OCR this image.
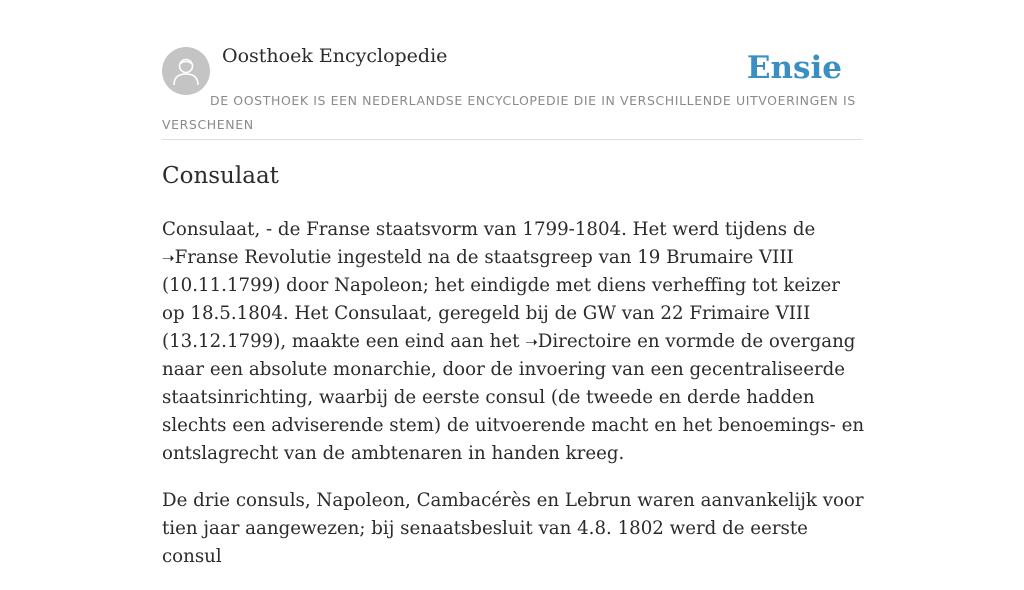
Oosthoek Encyclopedie	Ensie
DE OOSTHOEK IS EEN NEDERLANDSE ENCYCLOPEDIE DIE IN VERSCHILLENDE UITVOERINGEN IS VERSCHENEN
Consulaat

Consulaat, - de Franse staatsvorm van 1799-1804. Het werd tijdens de ➝Franse Revolutie ingesteld na de staatsgreep van 19 Brumaire VIII (10.11.1799) door Napoleon; het eindigde met diens verheffing tot keizer op 18.5.1804. Het Consulaat, geregeld bij de GW van 22 Frimaire VIII (13.12.1799), maakte een eind aan het ➝Directoire en vormde de overgang naar een absolute monarchie, door de invoering van een gecentraliseerde staatsinrichting, waarbij de eerste consul (de tweede en derde hadden slechts een adviserende stem) de uitvoerende macht en het benoemings- en ontslagrecht van de ambtenaren in handen kreeg.

De drie consuls, Napoleon, Cambacérès en Lebrun waren aanvankelijk voor tien jaar aangewezen; bij senaatsbesluit van 4.8. 1802 werd de eerste consul
